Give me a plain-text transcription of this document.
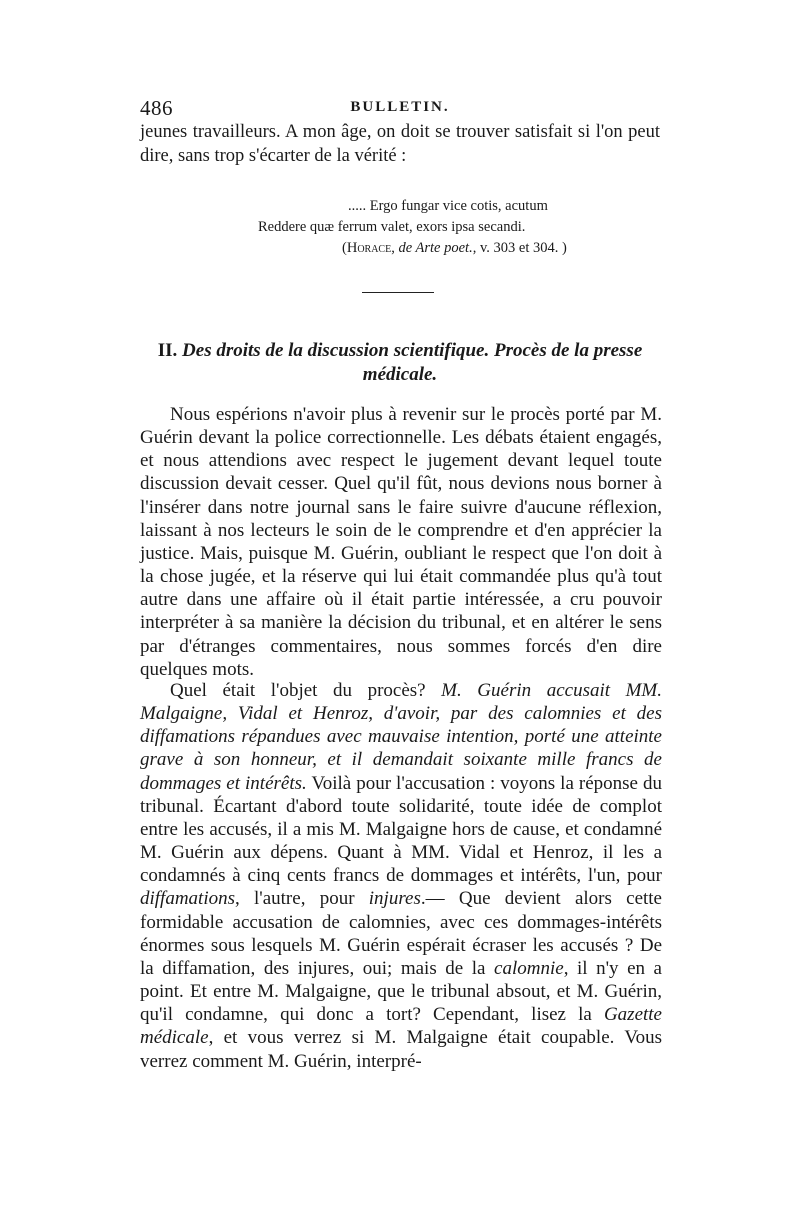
486	BULLETIN.

jeunes travailleurs. A mon âge, on doit se trouver satisfait si l'on peut dire, sans trop s'écarter de la vérité :

..... Ergo fungar vice cotis, acutum
Reddere quæ ferrum valet, exors ipsa secandi.
(Horace, de Arte poet., v. 303 et 304. )
II. Des droits de la discussion scientifique. Procès de la presse médicale.

Nous espérions n'avoir plus à revenir sur le procès porté par M. Guérin devant la police correctionnelle. Les débats étaient engagés, et nous attendions avec respect le jugement devant lequel toute discussion devait cesser. Quel qu'il fût, nous devions nous borner à l'insérer dans notre journal sans le faire suivre d'aucune réflexion, laissant à nos lecteurs le soin de le comprendre et d'en apprécier la justice. Mais, puisque M. Guérin, oubliant le respect que l'on doit à la chose jugée, et la réserve qui lui était commandée plus qu'à tout autre dans une affaire où il était partie intéressée, a cru pouvoir interpréter à sa manière la décision du tribunal, et en altérer le sens par d'étranges commentaires, nous sommes forcés d'en dire quelques mots.

Quel était l'objet du procès? M. Guérin accusait MM. Malgaigne, Vidal et Henroz, d'avoir, par des calomnies et des diffamations répandues avec mauvaise intention, porté une atteinte grave à son honneur, et il demandait soixante mille francs de dommages et intérêts. Voilà pour l'accusation : voyons la réponse du tribunal. Écartant d'abord toute solidarité, toute idée de complot entre les accusés, il a mis M. Malgaigne hors de cause, et condamné M. Guérin aux dépens. Quant à MM. Vidal et Henroz, il les a condamnés à cinq cents francs de dommages et intérêts, l'un, pour diffamations, l'autre, pour injures.— Que devient alors cette formidable accusation de calomnies, avec ces dommages-intérêts énormes sous lesquels M. Guérin espérait écraser les accusés ? De la diffamation, des injures, oui; mais de la calomnie, il n'y en a point. Et entre M. Malgaigne, que le tribunal absout, et M. Guérin, qu'il condamne, qui donc a tort? Cependant, lisez la Gazette médicale, et vous verrez si M. Malgaigne était coupable. Vous verrez comment M. Guérin, interpré-
